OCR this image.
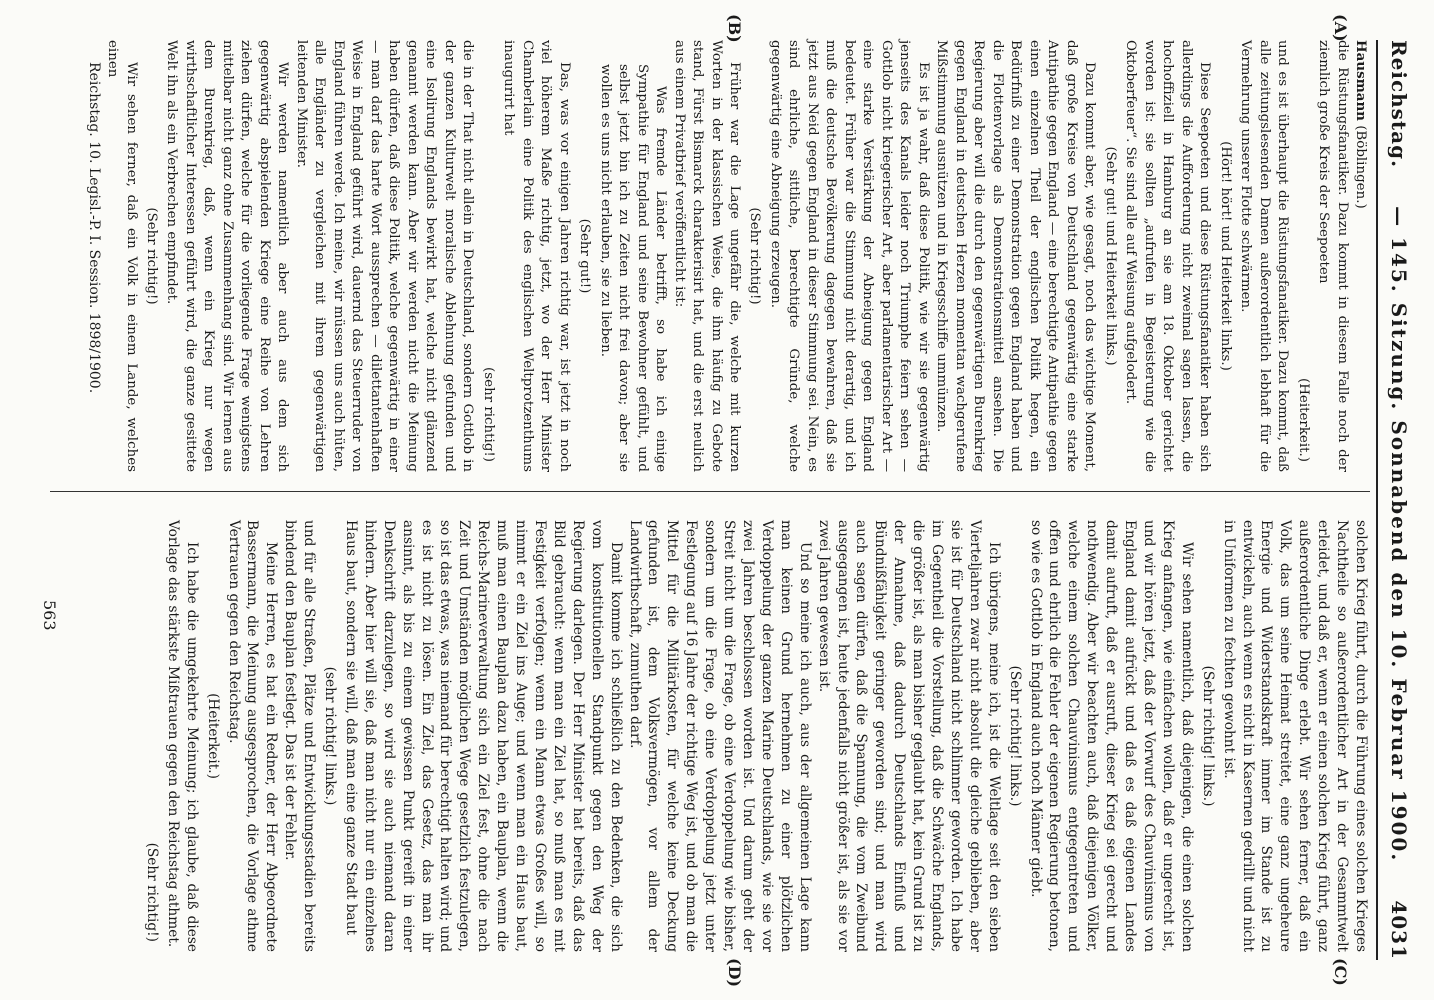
Reichstag.
— 145. Sitzung. Sonnabend den 10. Februar 1900.
4031
(A)
(B)
(C)
(D)

Hausmann (Böblingen.)

die Rüstungsfanatiker. Dazu kommt in diesem Falle noch der ziemlich große Kreis der Seepoeten

(Heiterkeit.)

und es ist überhaupt die Rüstungsfanatiker. Dazu kommt, daß alle zeitungslesenden Damen außerordentlich lebhaft für die Vermehrung unserer Flotte schwärmen.

(Hört! hört! und Heiterkeit links.)

Diese Seepoeten und diese Rüstungsfanatiker haben sich allerdings die Aufforderung nicht zweimal sagen lassen, die hochoffiziell in Hamburg an sie am 18. Oktober gerichtet worden ist: sie sollten „aufrufen in Begeisterung wie die Oktoberfeuer“. Sie sind alle auf Weisung aufgelodert.

(Sehr gut! und Heiterkeit links.)

Dazu kommt aber, wie gesagt, noch das wichtige Moment, daß große Kreise von Deutschland gegenwärtig eine starke Antipathie gegen England — eine berechtigte Antipathie gegen einen einzelnen Theil der englischen Politik hegen, ein Bedürfniß zu einer Demonstration gegen England haben und die Flottenvorlage als Demonstrationsmittel ansehen. Die Regierung aber will die durch den gegenwärtigen Burenkrieg gegen England in deutschen Herzen momentan wachgerufene Mißstimmung ausnützen und in Kriegsschiffe ummünzen.

Es ist ja wahr, daß diese Politik, wie wir sie gegenwärtig jenseits des Kanals leider noch Triumphe feiern sehen — Gottlob nicht kriegerischer Art, aber parlamentarischer Art — eine starke Verstärkung der Abneigung gegen England bedeutet. Früher war die Stimmung nicht derartig, und ich muß die deutsche Bevölkerung dagegen bewahren, daß sie jetzt aus Neid gegen England in dieser Stimmung sei. Nein, es sind ehrliche, sittliche, berechtigte Gründe, welche gegenwärtig eine Abneigung erzeugen.

(Sehr richtig!)

Früher war die Lage ungefähr die, welche mit kurzen Worten in der klassischen Weise, die ihm häufig zu Gebote stand, Fürst Bismarck charakterisirt hat, und die erst neulich aus einem Privatbrief veröffentlicht ist:

Was fremde Länder betrifft, so habe ich einige Sympathie für England und seine Bewohner gefühlt, und selbst jetzt bin ich zu Zeiten nicht frei davon; aber sie wollen es uns nicht erlauben, sie zu lieben.

(Sehr gut!)

Das, was vor einigen Jahren richtig war, ist jetzt in noch viel höherem Maße richtig, jetzt, wo der Herr Minister Chamberlain eine Politik des englischen Weltprotzenthums inaugurirt hat

(sehr richtig!)

die in der That nicht allein in Deutschland, sondern Gottlob in der ganzen Kulturwelt moralische Ablehnung gefunden und eine Isolirung Englands bewirkt hat, welche nicht glänzend genannt werden kann. Aber wir werden nicht die Meinung haben dürfen, daß diese Politik, welche gegenwärtig in einer — man darf das harte Wort aussprechen — dilettantenhaften Weise in England geführt wird, dauernd das Steuerruder von England führen werde. Ich meine, wir müssen uns auch hüten, alle Engländer zu vergleichen mit ihrem gegenwärtigen leitenden Minister.

Wir werden namentlich aber auch aus dem sich gegenwärtig abspielenden Kriege eine Reihe von Lehren ziehen dürfen, welche für die vorliegende Frage wenigstens mittelbar nicht ganz ohne Zusammenhang sind. Wir lernen aus dem Burenkrieg, daß, wenn ein Krieg nur wegen wirthschaftlicher Interessen geführt wird, die ganze gesittete Welt ihn als ein Verbrechen empfindet.

(Sehr richtig!)

Wir sehen ferner, daß ein Volk in einem Lande, welches einen

Reichstag. 10. Legisl.-P. I. Session. 1898/1900.

solchen Krieg führt, durch die Führung eines solchen Krieges Nachtheile so außerordentlicher Art in der Gesammtwelt erleidet, und daß er, wenn er einen solchen Krieg führt, ganz außerordentliche Dinge erlebt. Wir sehen ferner, daß ein Volk, das um seine Heimat streitet, eine ganz ungeheure Energie und Widerstandskraft immer im Stande ist zu entwickeln, auch wenn es nicht in Kasernen gedrillt und nicht in Uniformen zu fechten gewohnt ist.

(Sehr richtig! links.)

Wir sehen namentlich, daß diejenigen, die einen solchen Krieg anfangen, wie einfachen wollen, daß er ungerecht ist, und wir hören jetzt, daß der Vorwurf des Chauvinismus von England damit aufrückt und daß es daß eigenen Landes damit aufruft, daß er ausruft, dieser Krieg sei gerecht und nothwendig. Aber wir beachten auch, daß diejenigen Völker, welche einem solchen Chauvinismus entgegentreten und offen und ehrlich die Fehler der eigenen Regierung betonen, so wie es Gottlob in England auch noch Männer giebt.

(Sehr richtig! links.)

Ich übrigens, meine ich, ist die Weltlage seit den sieben Vierteljahren zwar nicht absolut die gleiche geblieben, aber sie ist für Deutschland nicht schlimmer geworden. Ich habe im Gegentheil die Vorstellung, daß die Schwäche Englands, die größer ist, als man bisher geglaubt hat, kein Grund ist zu der Annahme, daß dadurch Deutschlands Einfluß und Bündnißfähigkeit geringer geworden sind; und man wird auch sagen dürfen, daß die Spannung, die vom Zweibund ausgegangen ist, heute jedenfalls nicht größer ist, als sie vor zwei Jahren gewesen ist.

Und so meine ich auch, aus der allgemeinen Lage kann man keinen Grund hernehmen zu einer plötzlichen Verdoppelung der ganzen Marine Deutschlands, wie sie vor zwei Jahren beschlossen worden ist. Und darum geht der Streit nicht um die Frage, ob eine Verdoppelung wie bisher, sondern um die Frage, ob eine Verdoppelung jetzt unter Festlegung auf 16 Jahre der richtige Weg ist, und ob man die Mittel für die Militärkosten, für welche keine Deckung gefunden ist, dem Volksvermögen, vor allem der Landwirthschaft, zumuthen darf.

Damit komme ich schließlich zu den Bedenken, die sich vom konstitutionellen Standpunkt gegen den Weg der Regierung darlegen. Der Herr Minister hat bereits, daß das Bild gebraucht: wenn man ein Ziel hat, so muß man es mit Festigkeit verfolgen; wenn ein Mann etwas Großes will, so nimmt er ein Ziel ins Auge; und wenn man ein Haus baut, muß man einen Bauplan dazu haben, ein Bauplan, wenn die Reichs-Marineverwaltung sich ein Ziel fest, ohne die nach Zeit und Umständen möglichen Wege gesetzlich festzulegen, so ist das etwas, was niemand für berechtigt halten wird; und es ist nicht zu lösen. Ein Ziel, das Gesetz, das man ihr ansinnt, als bis zu einem gewissen Punkt gereift in einer Denkschrift darzulegen, so wird sie auch niemand daran hindern. Aber hier will sie, daß man nicht nur ein einzelnes Haus baut, sondern sie will, daß man eine ganze Stadt baut

(sehr richtig! links.)

und für alle Straßen, Plätze und Entwicklungsstadien bereits bindend den Bauplan festlegt. Das ist der Fehler.

Meine Herren, es hat ein Redner, der Herr Abgeordnete Bassermann, die Meinung ausgesprochen, die Vorlage athme Vertrauen gegen den Reichstag.

(Heiterkeit.)

Ich habe die umgekehrte Meinung; ich glaube, daß diese Vorlage das stärkste Mißtrauen gegen den Reichstag athmet.

(Sehr richtig!)

563
